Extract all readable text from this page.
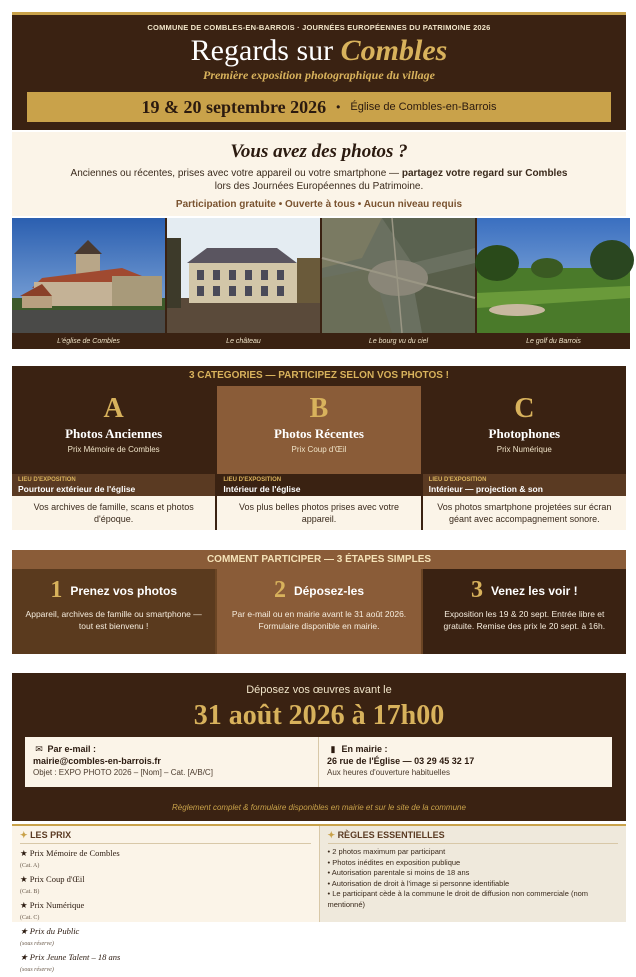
COMMUNE DE COMBLES-EN-BARROIS · JOURNÉES EUROPÉENNES DU PATRIMOINE 2026
Regards sur Combles
Première exposition photographique du village
19 & 20 septembre 2026 • Église de Combles-en-Barrois
Vous avez des photos ?
Anciennes ou récentes, prises avec votre appareil ou votre smartphone — partagez votre regard sur Combles
lors des Journées Européennes du Patrimoine.
Participation gratuite • Ouverte à tous • Aucun niveau requis
L'église de Combles	Le château	Le bourg vu du ciel	Le golf du Barrois
3 CATEGORIES — PARTICIPEZ SELON VOS PHOTOS !
A
Photos Anciennes
Prix Mémoire de Combles
LIEU D'EXPOSITION
Pourtour extérieur de l'église
Vos archives de famille, scans et photos d'époque.
B
Photos Récentes
Prix Coup d'Œil
LIEU D'EXPOSITION
Intérieur de l'église
Vos plus belles photos prises avec votre appareil.
C
Photophones
Prix Numérique
LIEU D'EXPOSITION
Intérieur — projection & son
Vos photos smartphone projetées sur écran géant avec accompagnement sonore.
COMMENT PARTICIPER — 3 ÉTAPES SIMPLES
1 Prenez vos photos
Appareil, archives de famille ou smartphone — tout est bienvenu !
2 Déposez-les
Par e-mail ou en mairie avant le 31 août 2026. Formulaire disponible en mairie.
3 Venez les voir !
Exposition les 19 & 20 sept. Entrée libre et gratuite. Remise des prix le 20 sept. à 16h.
Déposez vos œuvres avant le
31 août 2026 à 17h00
✉ Par e-mail :
mairie@combles-en-barrois.fr
Objet : EXPO PHOTO 2026 – [Nom] – Cat. [A/B/C]
▮ En mairie :
26 rue de l'Église — 03 29 45 32 17
Aux heures d'ouverture habituelles
Règlement complet & formulaire disponibles en mairie et sur le site de la commune
✦ LES PRIX
★ Prix Mémoire de Combles
(Cat. A)
★ Prix Coup d'Œil
(Cat. B)
★ Prix Numérique
(Cat. C)
★ Prix du Public
(sous réserve)
★ Prix Jeune Talent – 18 ans
(sous réserve)
✦ RÈGLES ESSENTIELLES
• 2 photos maximum par participant
• Photos inédites en exposition publique
• Autorisation parentale si moins de 18 ans
• Autorisation de droit à l'image si personne identifiable
• Le participant cède à la commune le droit de diffusion non commerciale (nom mentionné)
